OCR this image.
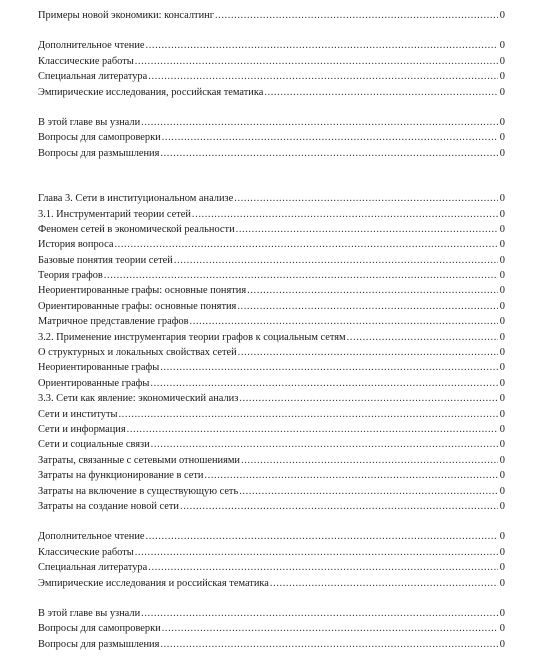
Примеры новой экономики: консалтинг .....	0
Дополнительное чтение .....	0
Классические работы .....	0
Специальная литература .....	0
Эмпирические исследования, российская тематика .....	0
В этой главе вы узнали .....	0
Вопросы для самопроверки .....	0
Вопросы для размышления .....	0
Глава 3. Сети в институциональном анализе .....	0
3.1. Инструментарий теории сетей .....	0
Феномен сетей в экономической реальности .....	0
История вопроса .....	0
Базовые понятия теории сетей .....	0
Теория графов .....	0
Неориентированные графы: основные понятия .....	0
Ориентированные графы: основные понятия .....	0
Матричное представление графов .....	0
3.2. Применение инструментария теории графов к социальным сетям .....	0
О структурных и локальных свойствах сетей .....	0
Неориентированные графы .....	0
Ориентированные графы .....	0
3.3. Сети как явление: экономический анализ .....	0
Сети и институты .....	0
Сети и информация .....	0
Сети и социальные связи .....	0
Затраты, связанные с сетевыми отношениями .....	0
Затраты на функционирование в сети .....	0
Затраты на включение в существующую сеть .....	0
Затраты на создание новой сети .....	0
Дополнительное чтение .....	0
Классические работы .....	0
Специальная литература .....	0
Эмпирические исследования и российская тематика .....	0
В этой главе вы узнали .....	0
Вопросы для самопроверки .....	0
Вопросы для размышления .....	0
